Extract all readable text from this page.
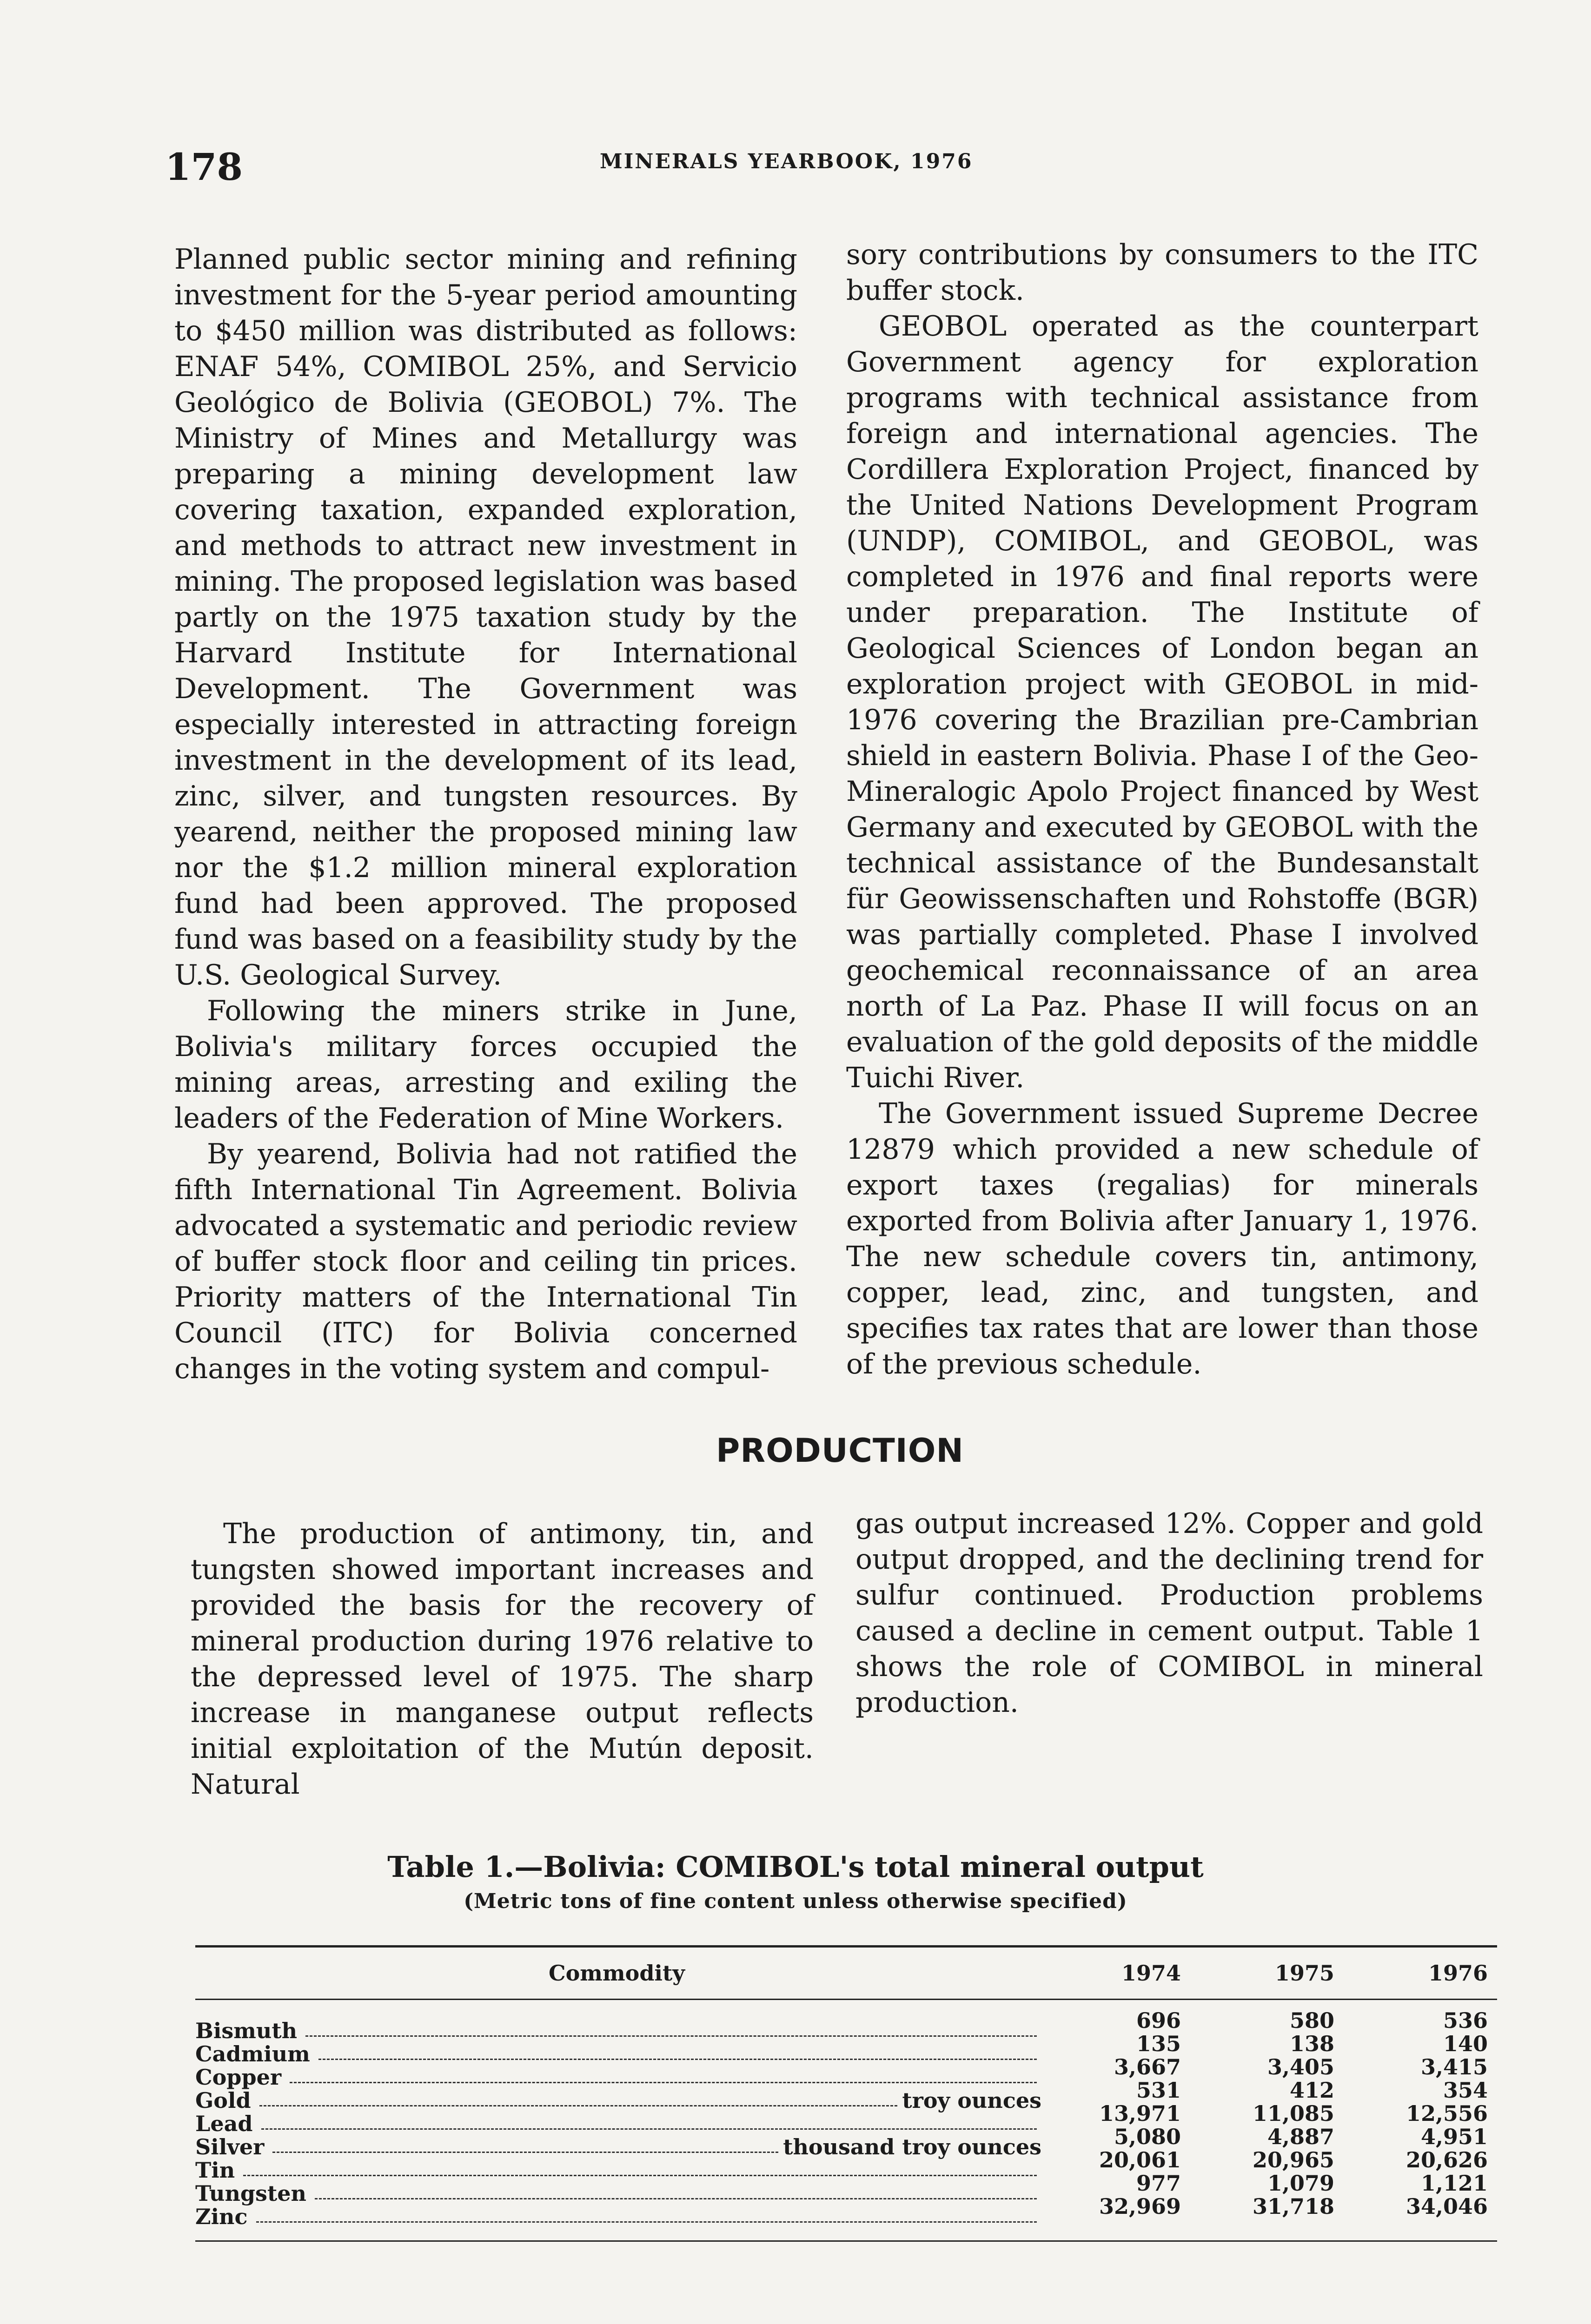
178	MINERALS YEARBOOK, 1976

Planned public sector mining and refining investment for the 5-year period amounting to $450 million was distributed as follows: ENAF 54%, COMIBOL 25%, and Servicio Geológico de Bolivia (GEOBOL) 7%. The Ministry of Mines and Metallurgy was preparing a mining development law covering taxation, expanded exploration, and methods to attract new investment in mining. The proposed legislation was based partly on the 1975 taxation study by the Harvard Institute for International Development. The Government was especially interested in attracting foreign investment in the development of its lead, zinc, silver, and tungsten resources. By yearend, neither the proposed mining law nor the $1.2 million mineral exploration fund had been approved. The proposed fund was based on a feasibility study by the U.S. Geological Survey.

Following the miners strike in June, Bolivia's military forces occupied the mining areas, arresting and exiling the leaders of the Federation of Mine Workers.

By yearend, Bolivia had not ratified the fifth International Tin Agreement. Bolivia advocated a systematic and periodic review of buffer stock floor and ceiling tin prices. Priority matters of the International Tin Council (ITC) for Bolivia concerned changes in the voting system and compul-

sory contributions by consumers to the ITC buffer stock.

GEOBOL operated as the counterpart Government agency for exploration programs with technical assistance from foreign and international agencies. The Cordillera Exploration Project, financed by the United Nations Development Program (UNDP), COMIBOL, and GEOBOL, was completed in 1976 and final reports were under preparation. The Institute of Geological Sciences of London began an exploration project with GEOBOL in mid-1976 covering the Brazilian pre-Cambrian shield in eastern Bolivia. Phase I of the Geo-Mineralogic Apolo Project financed by West Germany and executed by GEOBOL with the technical assistance of the Bundesanstalt für Geowissenschaften und Rohstoffe (BGR) was partially completed. Phase I involved geochemical reconnaissance of an area north of La Paz. Phase II will focus on an evaluation of the gold deposits of the middle Tuichi River.

The Government issued Supreme Decree 12879 which provided a new schedule of export taxes (regalias) for minerals exported from Bolivia after January 1, 1976. The new schedule covers tin, antimony, copper, lead, zinc, and tungsten, and specifies tax rates that are lower than those of the previous schedule.

PRODUCTION

The production of antimony, tin, and tungsten showed important increases and provided the basis for the recovery of mineral production during 1976 relative to the depressed level of 1975. The sharp increase in manganese output reflects initial exploitation of the Mutún deposit. Natural

gas output increased 12%. Copper and gold output dropped, and the declining trend for sulfur continued. Production problems caused a decline in cement output. Table 1 shows the role of COMIBOL in mineral production.

Table 1.—Bolivia: COMIBOL's total mineral output
(Metric tons of fine content unless otherwise specified)
Commodity	1974	1975	1976
Bismuth	696	580	536
Cadmium	135	138	140
Copper	3,667	3,405	3,415
Gold	troy ounces	531	412	354
Lead	13,971	11,085	12,556
Silver	thousand troy ounces	5,080	4,887	4,951
Tin	20,061	20,965	20,626
Tungsten	977	1,079	1,121
Zinc	32,969	31,718	34,046
